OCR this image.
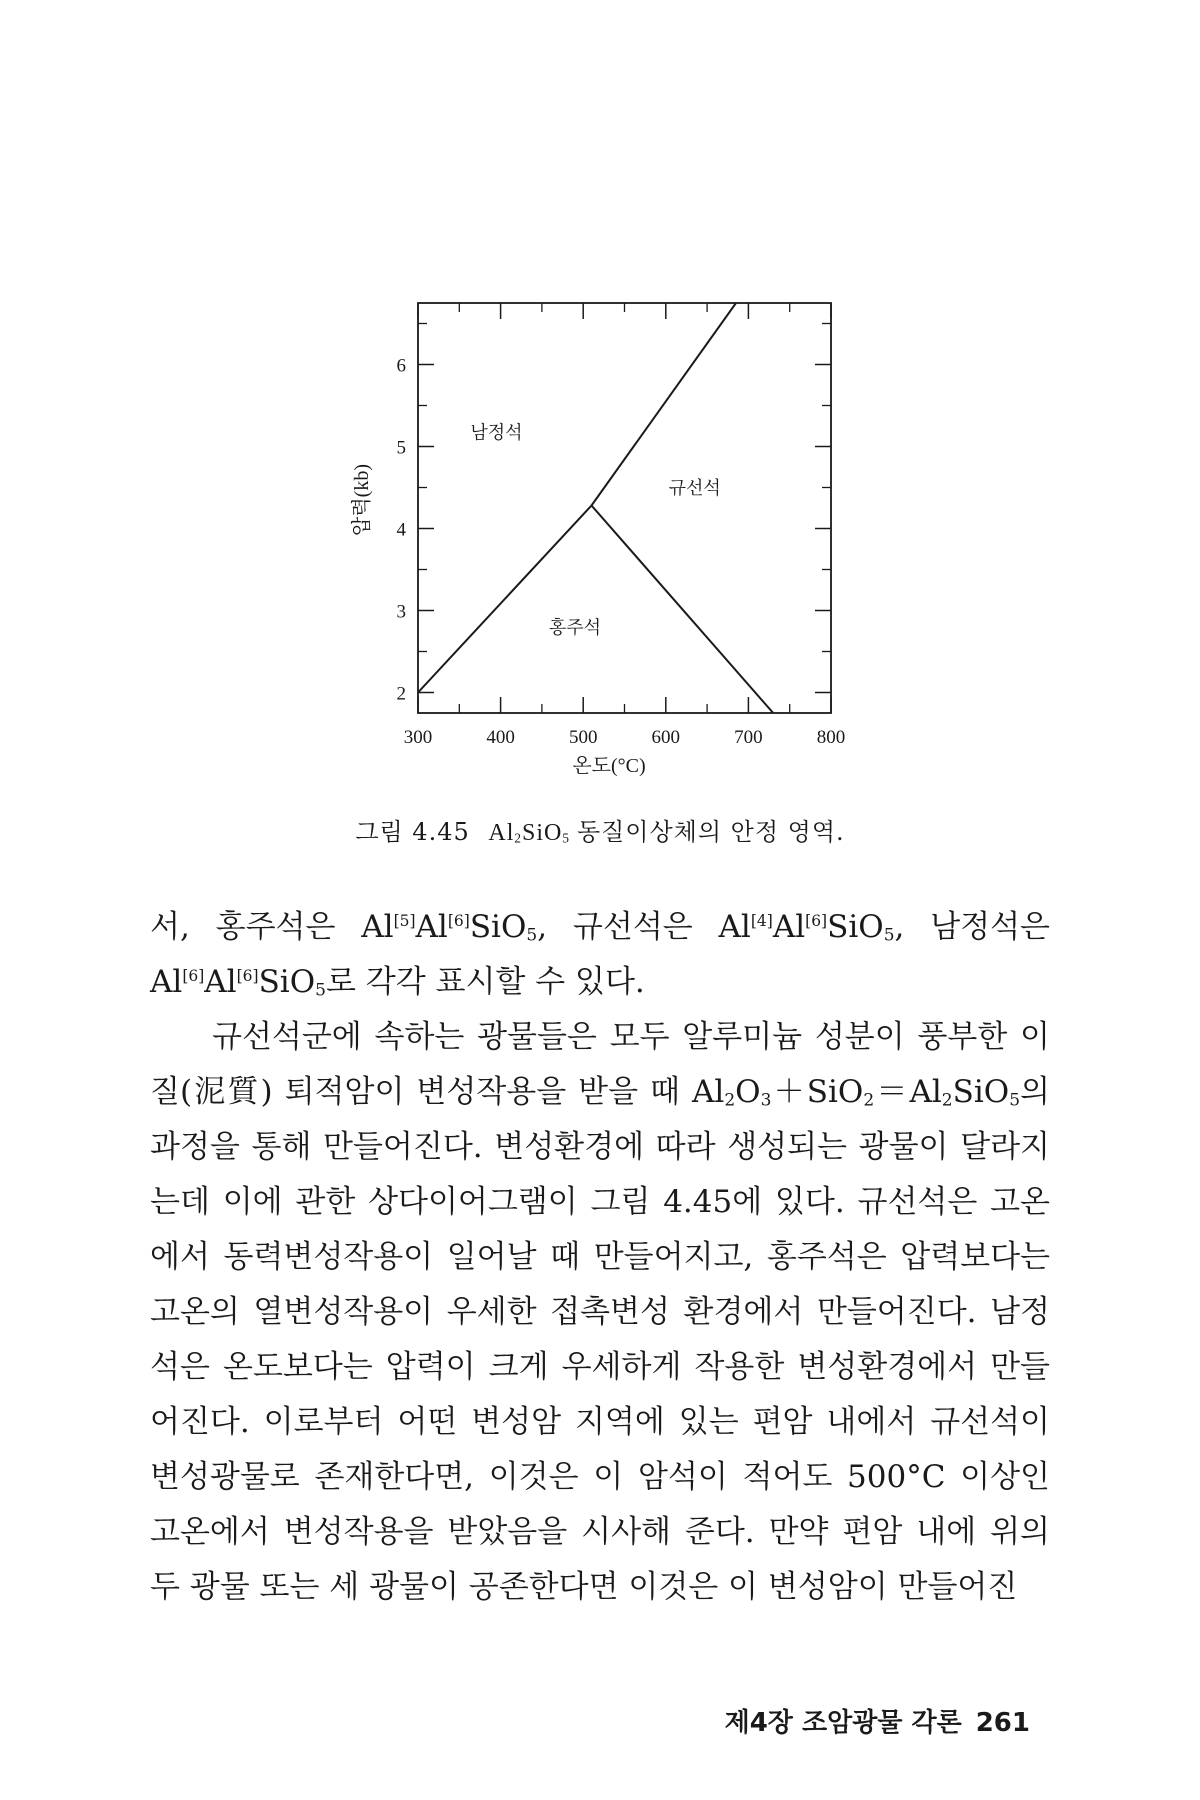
300	400	500	600	700	800
2
3
4
5
6
남정석
규선석
홍주석
온도(°C)
압력(kb)
그림 4.45 $Al_2SiO_5$ 동질이상체의 안정 영역.

서, 홍주석은 Al[5]Al[6]SiO$_5$, 규선석은 Al[4]Al[6]SiO$_5$, 남정석은 Al[6]Al[6]SiO$_5$로 각각 표시할 수 있다.

규선석군에 속하는 광물들은 모두 알루미늄 성분이 풍부한 이질(泥質) 퇴적암이 변성작용을 받을 때 $Al_2O_3+SiO_2=Al_2SiO_5$의 과정을 통해 만들어진다. 변성환경에 따라 생성되는 광물이 달라지는데 이에 관한 상다이어그램이 그림 4.45에 있다. 규선석은 고온에서 동력변성작용이 일어날 때 만들어지고, 홍주석은 압력보다는 고온의 열변성작용이 우세한 접촉변성 환경에서 만들어진다. 남정석은 온도보다는 압력이 크게 우세하게 작용한 변성환경에서 만들어진다. 이로부터 어떤 변성암 지역에 있는 편암 내에서 규선석이 변성광물로 존재한다면, 이것은 이 암석이 적어도 500°C 이상인 고온에서 변성작용을 받았음을 시사해 준다. 만약 편암 내에 위의 두 광물 또는 세 광물이 공존한다면 이것은 이 변성암이 만들어진

제4장 조암광물 각론 261
